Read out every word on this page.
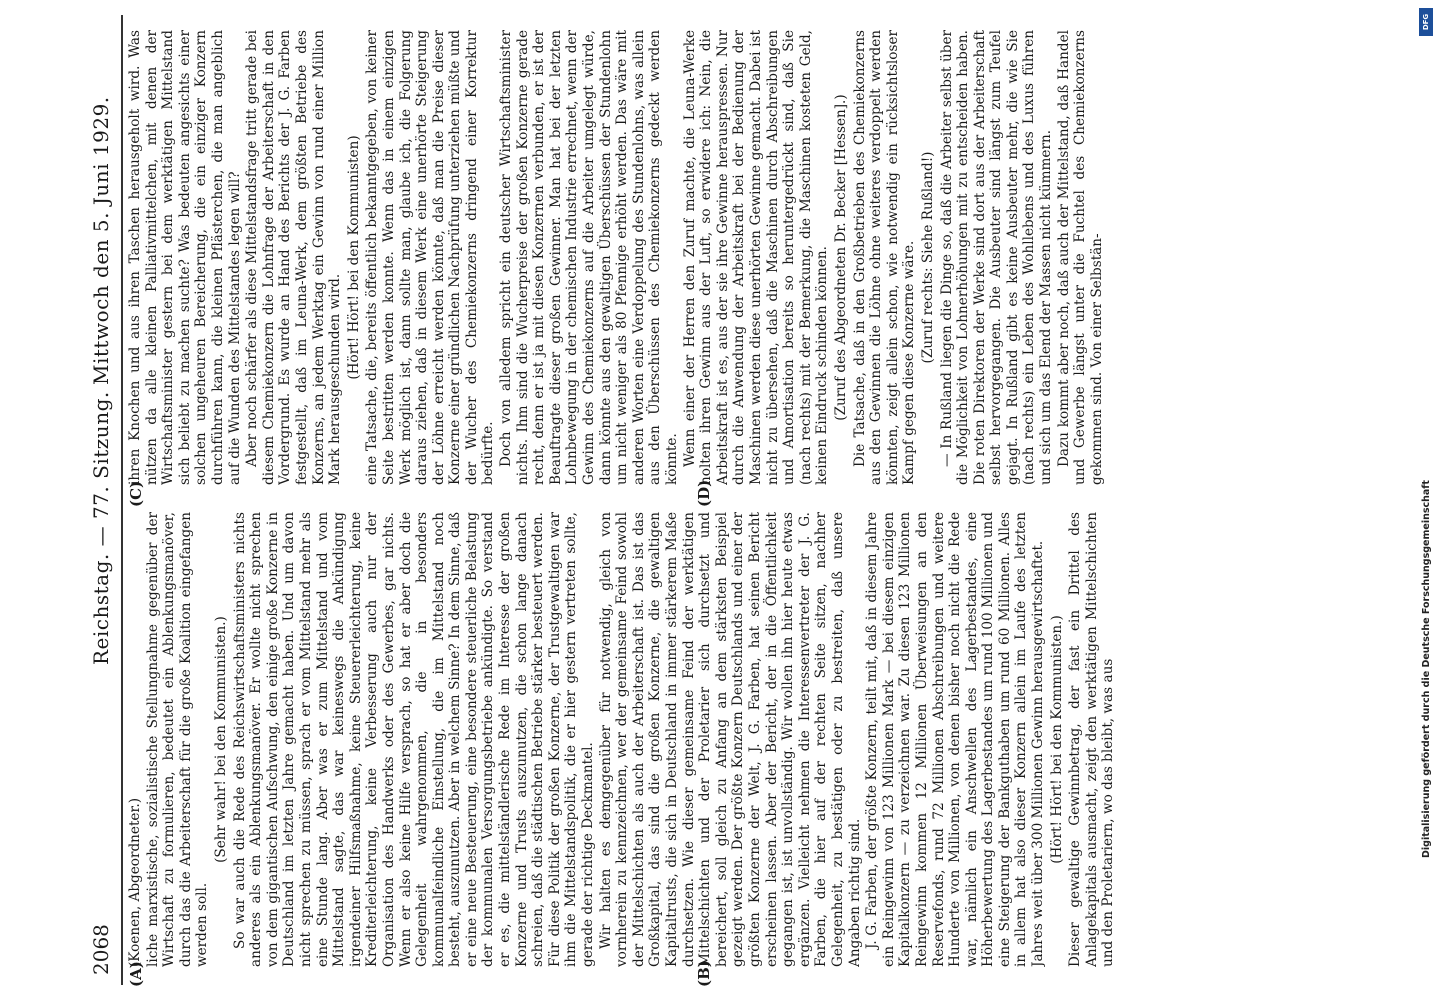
2068
Reichstag. — 77. Sitzung.
Mittwoch den 5. Juni 1929.
(A)	(B)
(C)	(D)

(Koenen, Abgeordneter.) liche marxistische, sozialistische Stellungnahme gegenüber der Wirtschaft zu formulieren, bedeutet ein Ablenkungsmanöver, durch das die Arbeiterschaft für die große Koalition eingefangen werden soll.

(Sehr wahr! bei den Kommunisten.) So war auch die Rede des Reichswirtschaftsministers nichts anderes als ein Ablenkungsmanöver. Er wollte nicht sprechen von dem gigantischen Aufschwung, den einige große Konzerne in Deutschland im letzten Jahre gemacht haben. Und um davon nicht sprechen zu müssen, sprach er vom Mittelstand mehr als eine Stunde lang. Aber was er zum Mittelstand und vom Mittelstand sagte, das war keineswegs die Ankündigung irgendeiner Hilfsmaßnahme, keine Steuererleichterung, keine Krediterleichterung, keine Verbesserung auch nur der Organisation des Handwerks oder des Gewerbes, gar nichts. Wenn er also keine Hilfe versprach, so hat er aber doch die Gelegenheit wahrgenommen, die in besonders kommunalfeindliche Einstellung, die im Mittelstand noch besteht, auszunutzen. Aber in welchem Sinne? In dem Sinne, daß er eine neue Besteuerung, eine besondere steuerliche Belastung der kommunalen Versorgungsbetriebe ankündigte. So verstand er es, die mittelständlerische Rede im Interesse der großen Konzerne und Trusts auszunutzen, die schon lange danach schreien, daß die städtischen Betriebe stärker besteuert werden. Für diese Politik der großen Konzerne, der Trustgewaltigen war ihm die Mittelstandspolitik, die er hier gestern vertreten sollte, gerade der richtige Deckmantel. Wir halten es demgegenüber für notwendig, gleich von vornherein zu kennzeichnen, wer der gemeinsame Feind sowohl der Mittelschichten als auch der Arbeiterschaft ist. Das ist das Großkapital, das sind die großen Konzerne, die gewaltigen Kapitaltrusts, die sich in Deutschland in immer stärkerem Maße durchsetzen. Wie dieser gemeinsame Feind der werktätigen Mittelschichten und der Proletarier sich durchsetzt und bereichert, soll gleich zu Anfang an dem stärksten Beispiel gezeigt werden. Der größte Konzern Deutschlands und einer der größten Konzerne der Welt, J. G. Farben, hat seinen Bericht erscheinen lassen. Aber der Bericht, der in die Öffentlichkeit gegangen ist, ist unvollständig. Wir wollen ihn hier heute etwas ergänzen. Vielleicht nehmen die Interessenvertreter der J. G. Farben, die hier auf der rechten Seite sitzen, nachher Gelegenheit, zu bestätigen oder zu bestreiten, daß unsere Angaben richtig sind. J. G. Farben, der größte Konzern, teilt mit, daß in diesem Jahre ein Reingewinn von 123 Millionen Mark — bei diesem einzigen Kapitalkonzern — zu verzeichnen war. Zu diesen 123 Millionen Reingewinn kommen 12 Millionen Überweisungen an den Reservefonds, rund 72 Millionen Abschreibungen und weitere Hunderte von Millionen, von denen bisher noch nicht die Rede war, nämlich ein Anschwellen des Lagerbestandes, eine Höherbewertung des Lagerbestandes um rund 100 Millionen und eine Steigerung der Bankguthaben um rund 60 Millionen. Alles in allem hat also dieser Konzern allein im Laufe des letzten Jahres weit über 300 Millionen Gewinn herausgewirtschaftet. (Hört! Hört! bei den Kommunisten.) Dieser gewaltige Gewinnbetrag, der fast ein Drittel des Anlagekapitals ausmacht, zeigt den werktätigen Mittelschichten und den Proletariern, wo das bleibt, was aus

ihren Knochen und aus ihren Taschen herausgeholt wird. Was nützen da alle kleinen Palliativmittelchen, mit denen der Wirtschaftsminister gestern bei dem werktätigen Mittelstand sich beliebt zu machen suchte? Was bedeuten angesichts einer solchen ungeheuren Bereicherung, die ein einziger Konzern durchführen kann, die kleinen Pflästerchen, die man angeblich auf die Wunden des Mittelstandes legen will? Aber noch schärfer als diese Mittelstandsfrage tritt gerade bei diesem Chemiekonzern die Lohnfrage der Arbeiterschaft in den Vordergrund. Es wurde an Hand des Berichts der J. G. Farben festgestellt, daß im Leuna-Werk, dem größten Betriebe des Konzerns, an jedem Werktag ein Gewinn von rund einer Million Mark herausgeschunden wird. (Hört! Hört! bei den Kommunisten) eine Tatsache, die, bereits öffentlich bekanntgegeben, von keiner Seite bestritten werden konnte. Wenn das in einem einzigen Werk möglich ist, dann sollte man, glaube ich, die Folgerung daraus ziehen, daß in diesem Werk eine unerhörte Steigerung der Löhne erreicht werden könnte, daß man die Preise dieser Konzerne einer gründlichen Nachprüfung unterziehen müßte und der Wucher des Chemiekonzerns dringend einer Korrektur bedürfte. Doch von alledem spricht ein deutscher Wirtschaftsminister nichts. Ihm sind die Wucherpreise der großen Konzerne gerade recht, denn er ist ja mit diesen Konzernen verbunden, er ist der Beauftragte dieser großen Gewinner. Man hat bei der letzten Lohnbewegung in der chemischen Industrie errechnet, wenn der Gewinn des Chemiekonzerns auf die Arbeiter umgelegt würde, dann könnte aus den gewaltigen Überschüssen der Stundenlohn um nicht weniger als 80 Pfennige erhöht werden. Das wäre mit anderen Worten eine Verdoppelung des Stundenlohns, was allein aus den Überschüssen des Chemiekonzerns gedeckt werden könnte. Wenn einer der Herren den Zuruf machte, die Leuna-Werke holten ihren Gewinn aus der Luft, so erwidere ich: Nein, die Arbeitskraft ist es, aus der sie ihre Gewinne herauspressen. Nur durch die Anwendung der Arbeitskraft bei der Bedienung der Maschinen werden diese unerhörten Gewinne gemacht. Dabei ist nicht zu übersehen, daß die Maschinen durch Abschreibungen und Amortisation bereits so heruntergedrückt sind, daß Sie (nach rechts) mit der Bemerkung, die Maschinen kosteten Geld, keinen Eindruck schinden können. (Zuruf des Abgeordneten Dr. Becker [Hessen].) Die Tatsache, daß in den Großbetrieben des Chemiekonzerns aus den Gewinnen die Löhne ohne weiteres verdoppelt werden könnten, zeigt allein schon, wie notwendig ein rücksichtsloser Kampf gegen diese Konzerne wäre. (Zuruf rechts: Siehe Rußland!) — In Rußland liegen die Dinge so, daß die Arbeiter selbst über die Möglichkeit von Lohnerhöhungen mit zu entscheiden haben. Die roten Direktoren der Werke sind dort aus der Arbeiterschaft selbst hervorgegangen. Die Ausbeuter sind längst zum Teufel gejagt. In Rußland gibt es keine Ausbeuter mehr, die wie Sie (nach rechts) ein Leben des Wohllebens und des Luxus führen und sich um das Elend der Massen nicht kümmern. Dazu kommt aber noch, daß auch der Mittelstand, daß Handel und Gewerbe längst unter die Fuchtel des Chemiekonzerns gekommen sind. Von einer Selbstän-

DFG
Digitalisierung gefördert durch die Deutsche Forschungsgemeinschaft
